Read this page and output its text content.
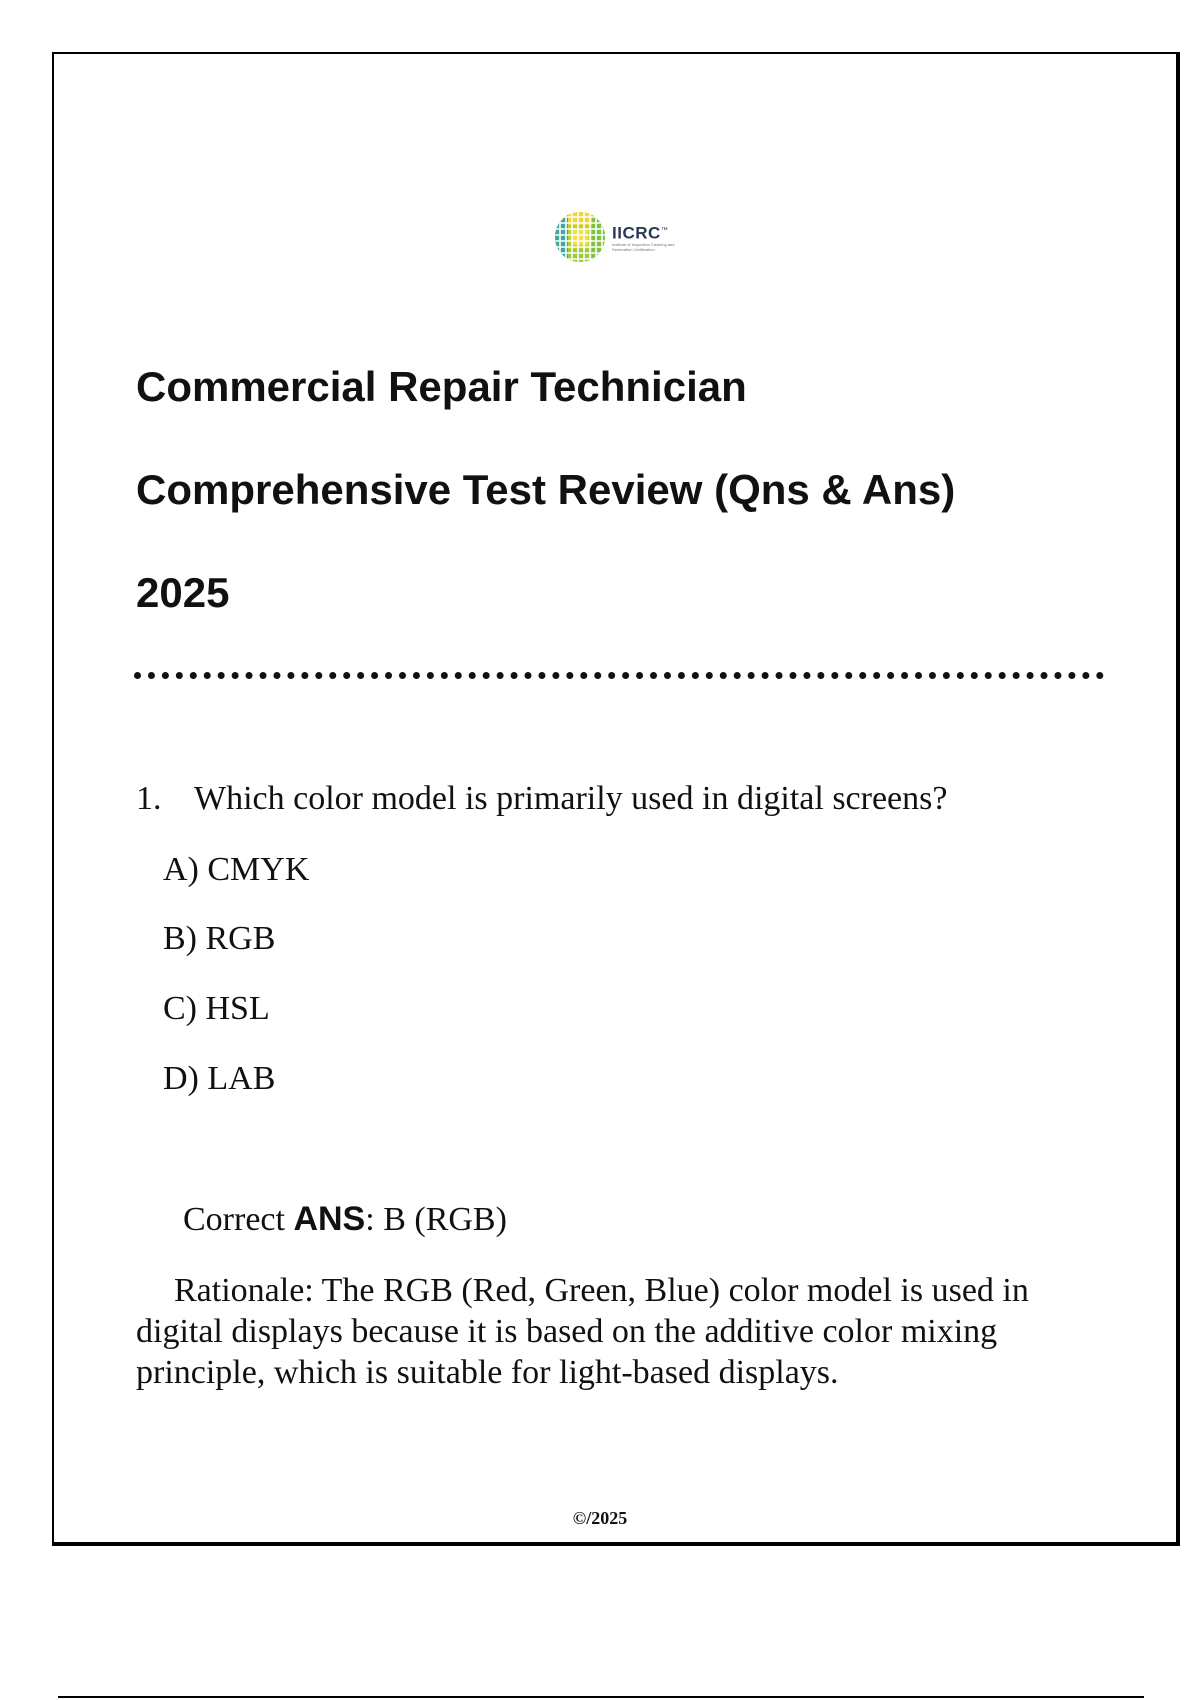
IICRC™
Institute of Inspection Cleaning and Restoration Certification
Commercial Repair Technician
Comprehensive Test Review (Qns & Ans)
2025
1. Which color model is primarily used in digital screens?
A) CMYK
B) RGB
C) HSL
D) LAB
Correct ANS: B (RGB)
Rationale: The RGB (Red, Green, Blue) color model is used in digital displays because it is based on the additive color mixing principle, which is suitable for light-based displays.
©/2025
